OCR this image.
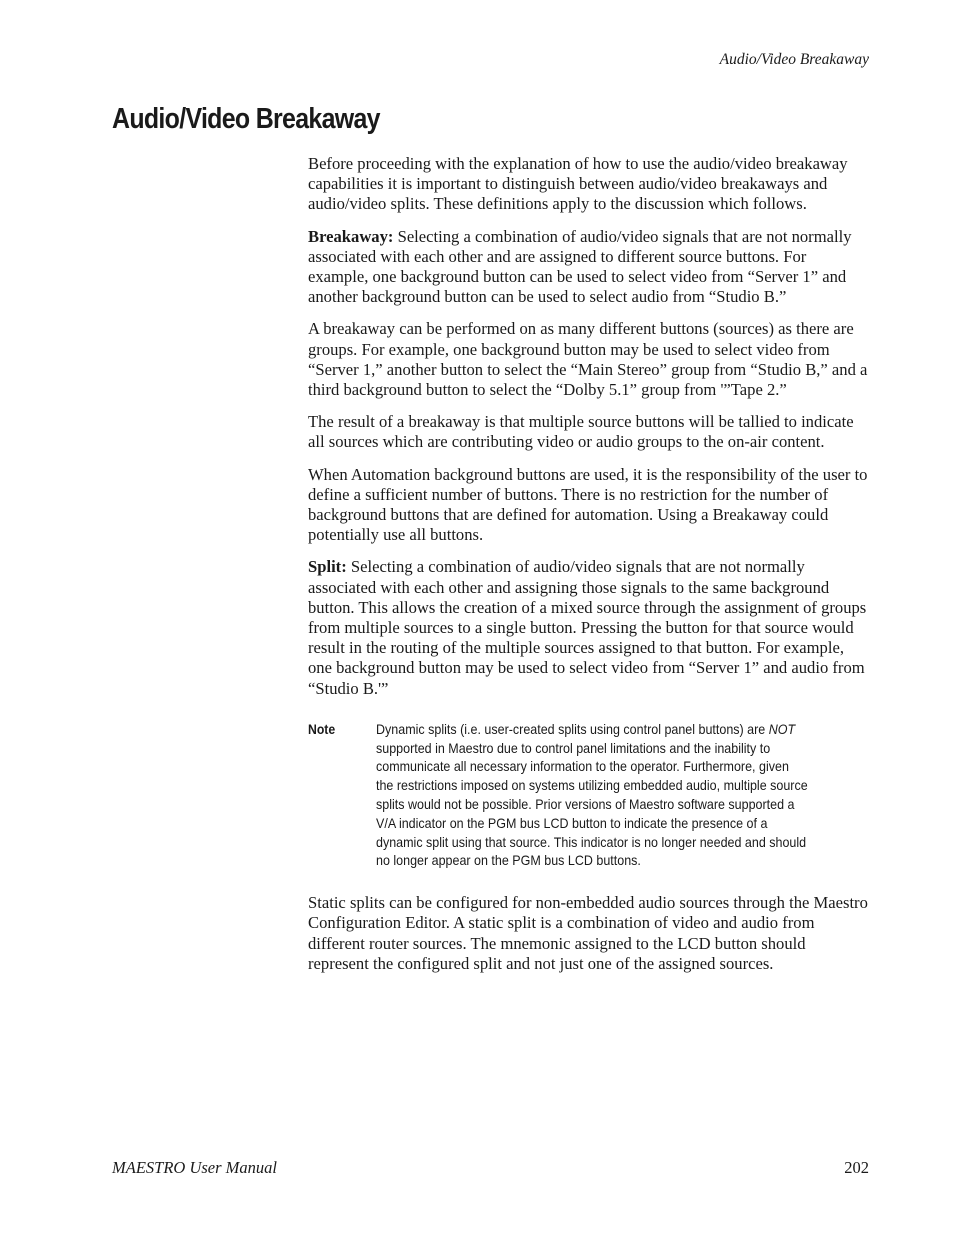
Audio/Video Breakaway
Audio/Video Breakaway

Before proceeding with the explanation of how to use the audio/video breakaway capabilities it is important to distinguish between audio/video breakaways and audio/video splits. These definitions apply to the discussion which follows.

Breakaway: Selecting a combination of audio/video signals that are not normally associated with each other and are assigned to different source buttons. For example, one background button can be used to select video from “Server 1” and another background button can be used to select audio from “Studio B.”

A breakaway can be performed on as many different buttons (sources) as there are groups. For example, one background button may be used to select video from “Server 1,” another button to select the “Main Stereo” group from “Studio B,” and a third background button to select the “Dolby 5.1” group from '”Tape 2.”

The result of a breakaway is that multiple source buttons will be tallied to indicate all sources which are contributing video or audio groups to the on-air content.

When Automation background buttons are used, it is the responsibility of the user to define a sufficient number of buttons. There is no restriction for the number of background buttons that are defined for automation. Using a Breakaway could potentially use all buttons.

Split: Selecting a combination of audio/video signals that are not normally associated with each other and assigning those signals to the same background button. This allows the creation of a mixed source through the assignment of groups from multiple sources to a single button. Pressing the button for that source would result in the routing of the multiple sources assigned to that button. For example, one background button may be used to select video from “Server 1” and audio from “Studio B.'”

Note	Dynamic splits (i.e. user-created splits using control panel buttons) are NOT supported in Maestro due to control panel limitations and the inability to communicate all necessary information to the operator. Furthermore, given the restrictions imposed on systems utilizing embedded audio, multiple source splits would not be possible. Prior versions of Maestro software supported a V/A indicator on the PGM bus LCD button to indicate the presence of a dynamic split using that source. This indicator is no longer needed and should no longer appear on the PGM bus LCD buttons.

Static splits can be configured for non-embedded audio sources through the Maestro Configuration Editor. A static split is a combination of video and audio from different router sources. The mnemonic assigned to the LCD button should represent the configured split and not just one of the assigned sources.

MAESTRO User Manual	202
